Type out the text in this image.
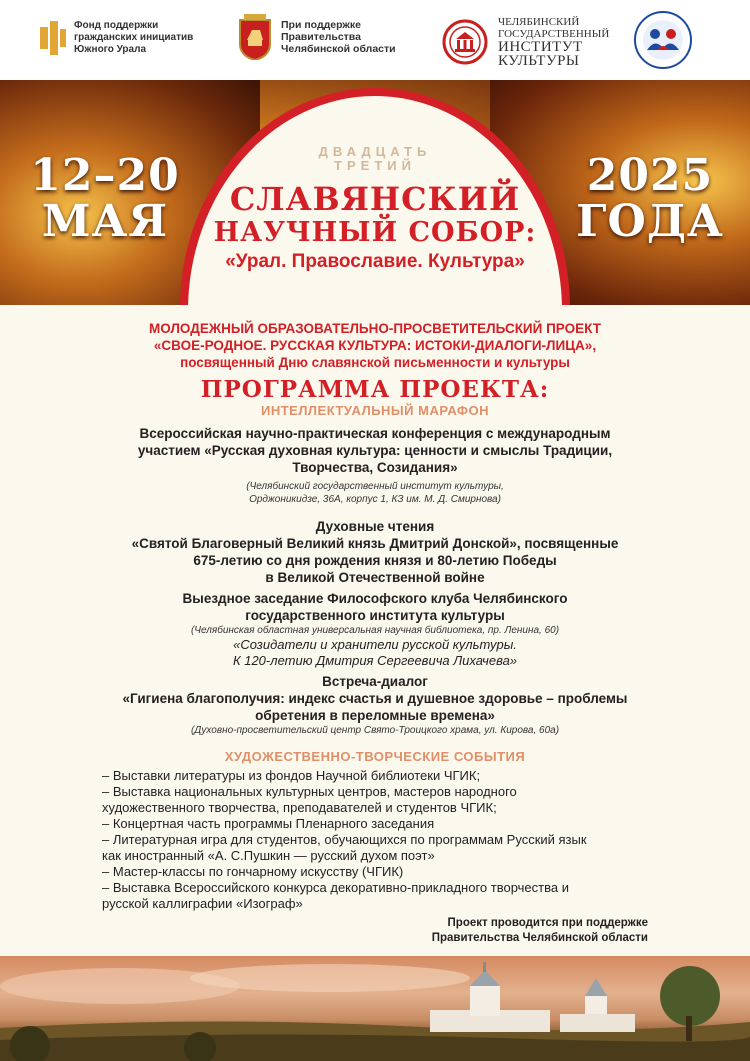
Фонд поддержки
гражданских инициатив
Южного Урала
При поддержке
Правительства
Челябинской области
ЧЕЛЯБИНСКИЙ
ГОСУДАРСТВЕННЫЙ
ИНСТИТУТ
КУЛЬТУРЫ
12–20
МАЯ
2025
ГОДА
ДВАДЦАТЬ
ТРЕТИЙ
СЛАВЯНСКИЙ
НАУЧНЫЙ СОБОР:
«Урал. Православие. Культура»
МОЛОДЕЖНЫЙ ОБРАЗОВАТЕЛЬНО-ПРОСВЕТИТЕЛЬСКИЙ ПРОЕКТ
«СВОЕ-РОДНОЕ. РУССКАЯ КУЛЬТУРА: ИСТОКИ-ДИАЛОГИ-ЛИЦА»,
посвященный Дню славянской письменности и культуры
ПРОГРАММА ПРОЕКТА:
ИНТЕЛЛЕКТУАЛЬНЫЙ МАРАФОН
Всероссийская научно-практическая конференция с международным
участием «Русская духовная культура: ценности и смыслы Традиции,
Творчества, Созидания»
(Челябинский государственный институт культуры,
Орджоникидзе, 36А, корпус 1, КЗ им. М. Д. Смирнова)
Духовные чтения
«Святой Благоверный Великий князь Дмитрий Донской», посвященные
675-летию со дня рождения князя и 80-летию Победы
в Великой Отечественной войне
Выездное заседание Философского клуба Челябинского
государственного института культуры
(Челябинская областная универсальная научная библиотека, пр. Ленина, 60)
«Созидатели и хранители русской культуры.
К 120-летию Дмитрия Сергеевича Лихачева»
Встреча-диалог
«Гигиена благополучия: индекс счастья и душевное здоровье – проблемы
обретения в переломные времена»
(Духовно-просветительский центр Свято-Троицкого храма, ул. Кирова, 60а)
ХУДОЖЕСТВЕННО-ТВОРЧЕСКИЕ СОБЫТИЯ
– Выставки литературы из фондов Научной библиотеки ЧГИК;
– Выставка национальных культурных центров, мастеров народного
художественного творчества, преподавателей и студентов ЧГИК;
– Концертная часть программы Пленарного заседания
– Литературная игра для студентов, обучающихся по программам Русский язык
как иностранный «А. С.Пушкин — русский духом поэт»
– Мастер-классы по гончарному искусству (ЧГИК)
– Выставка Всероссийского конкурса декоративно-прикладного творчества и
русской каллиграфии «Изограф»
Проект проводится при поддержке
Правительства Челябинской области
